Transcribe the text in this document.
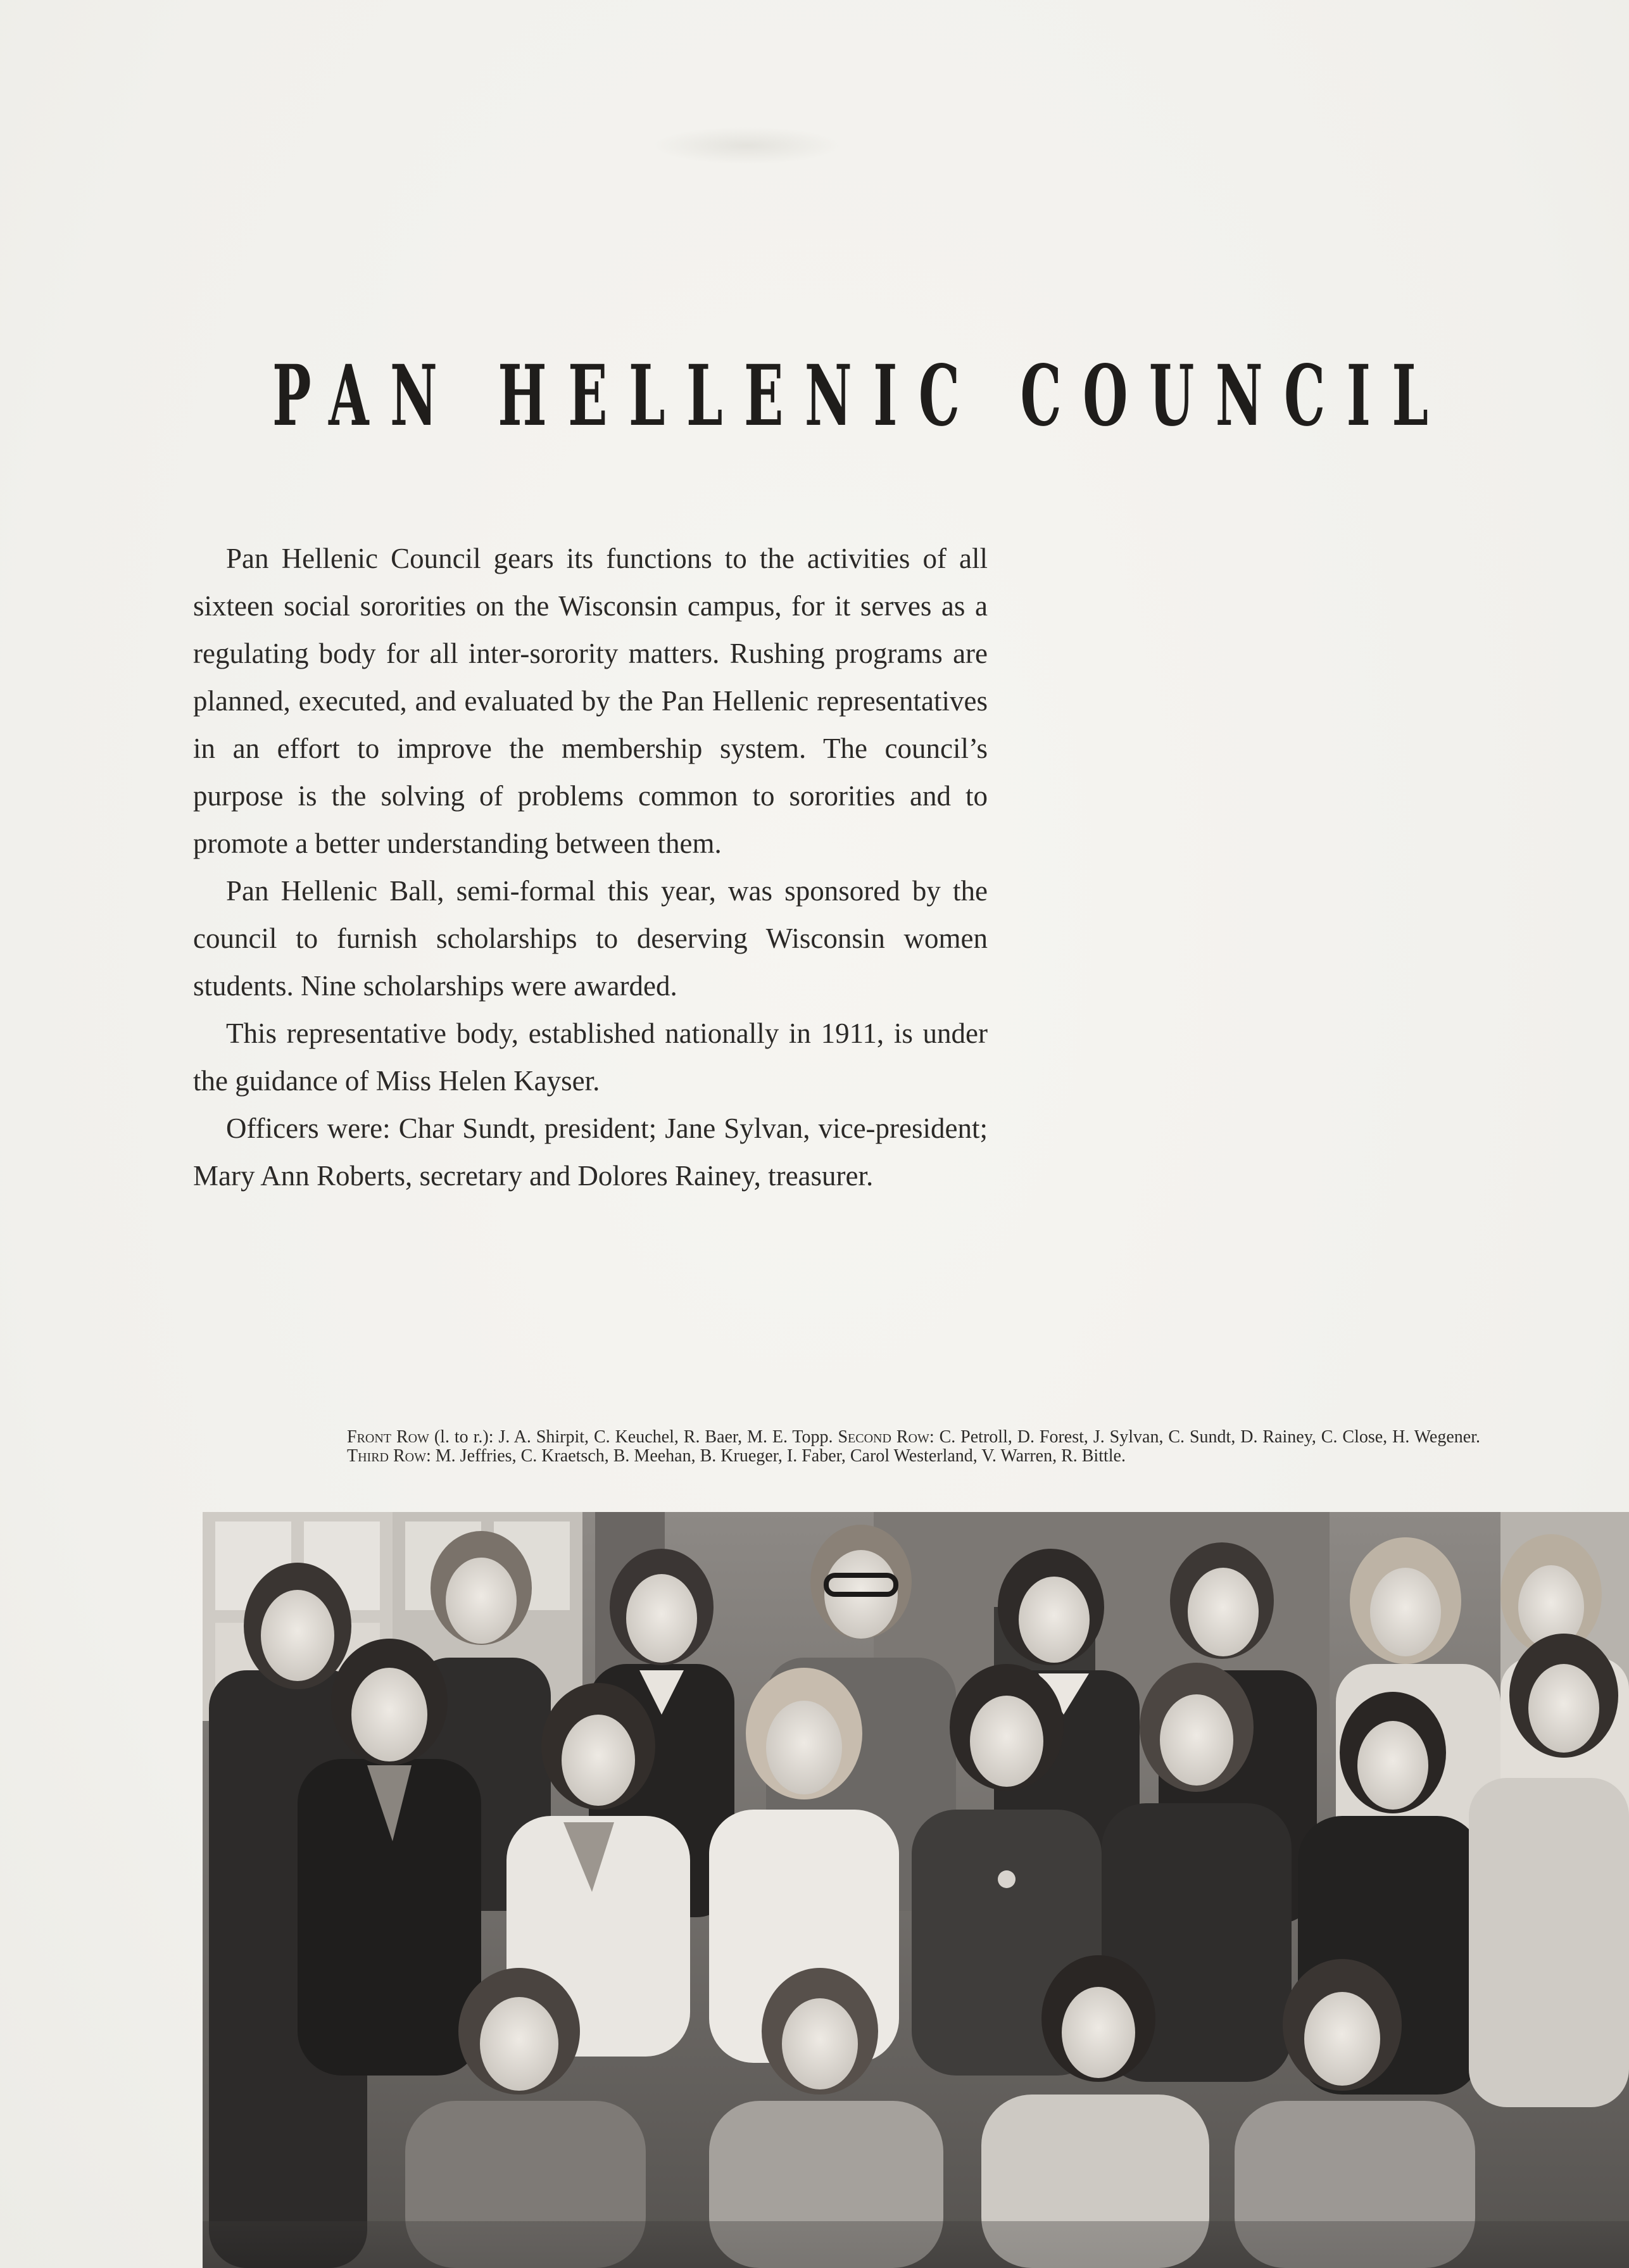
PAN HELLENIC COUNCIL

Pan Hellenic Council gears its functions to the activities of all sixteen social sororities on the Wisconsin campus, for it serves as a regulating body for all inter-sorority matters. Rushing programs are planned, executed, and evaluated by the Pan Hellenic representatives in an effort to improve the membership system. The council’s purpose is the solving of problems common to sororities and to promote a better understanding between them.

Pan Hellenic Ball, semi-formal this year, was sponsored by the council to furnish scholarships to deserving Wisconsin women students. Nine scholarships were awarded.

This representative body, established nationally in 1911, is under the guidance of Miss Helen Kayser.

Officers were: Char Sundt, president; Jane Sylvan, vice-president; Mary Ann Roberts, secretary and Dolores Rainey, treasurer.

Front Row (l. to r.): J. A. Shirpit, C. Keuchel, R. Baer, M. E. Topp. Second Row: C. Petroll, D. Forest, J. Sylvan, C. Sundt, D. Rainey, C. Close, H. Wegener. Third Row: M. Jeffries, C. Kraetsch, B. Meehan, B. Krueger, I. Faber, Carol Westerland, V. Warren, R. Bittle.
